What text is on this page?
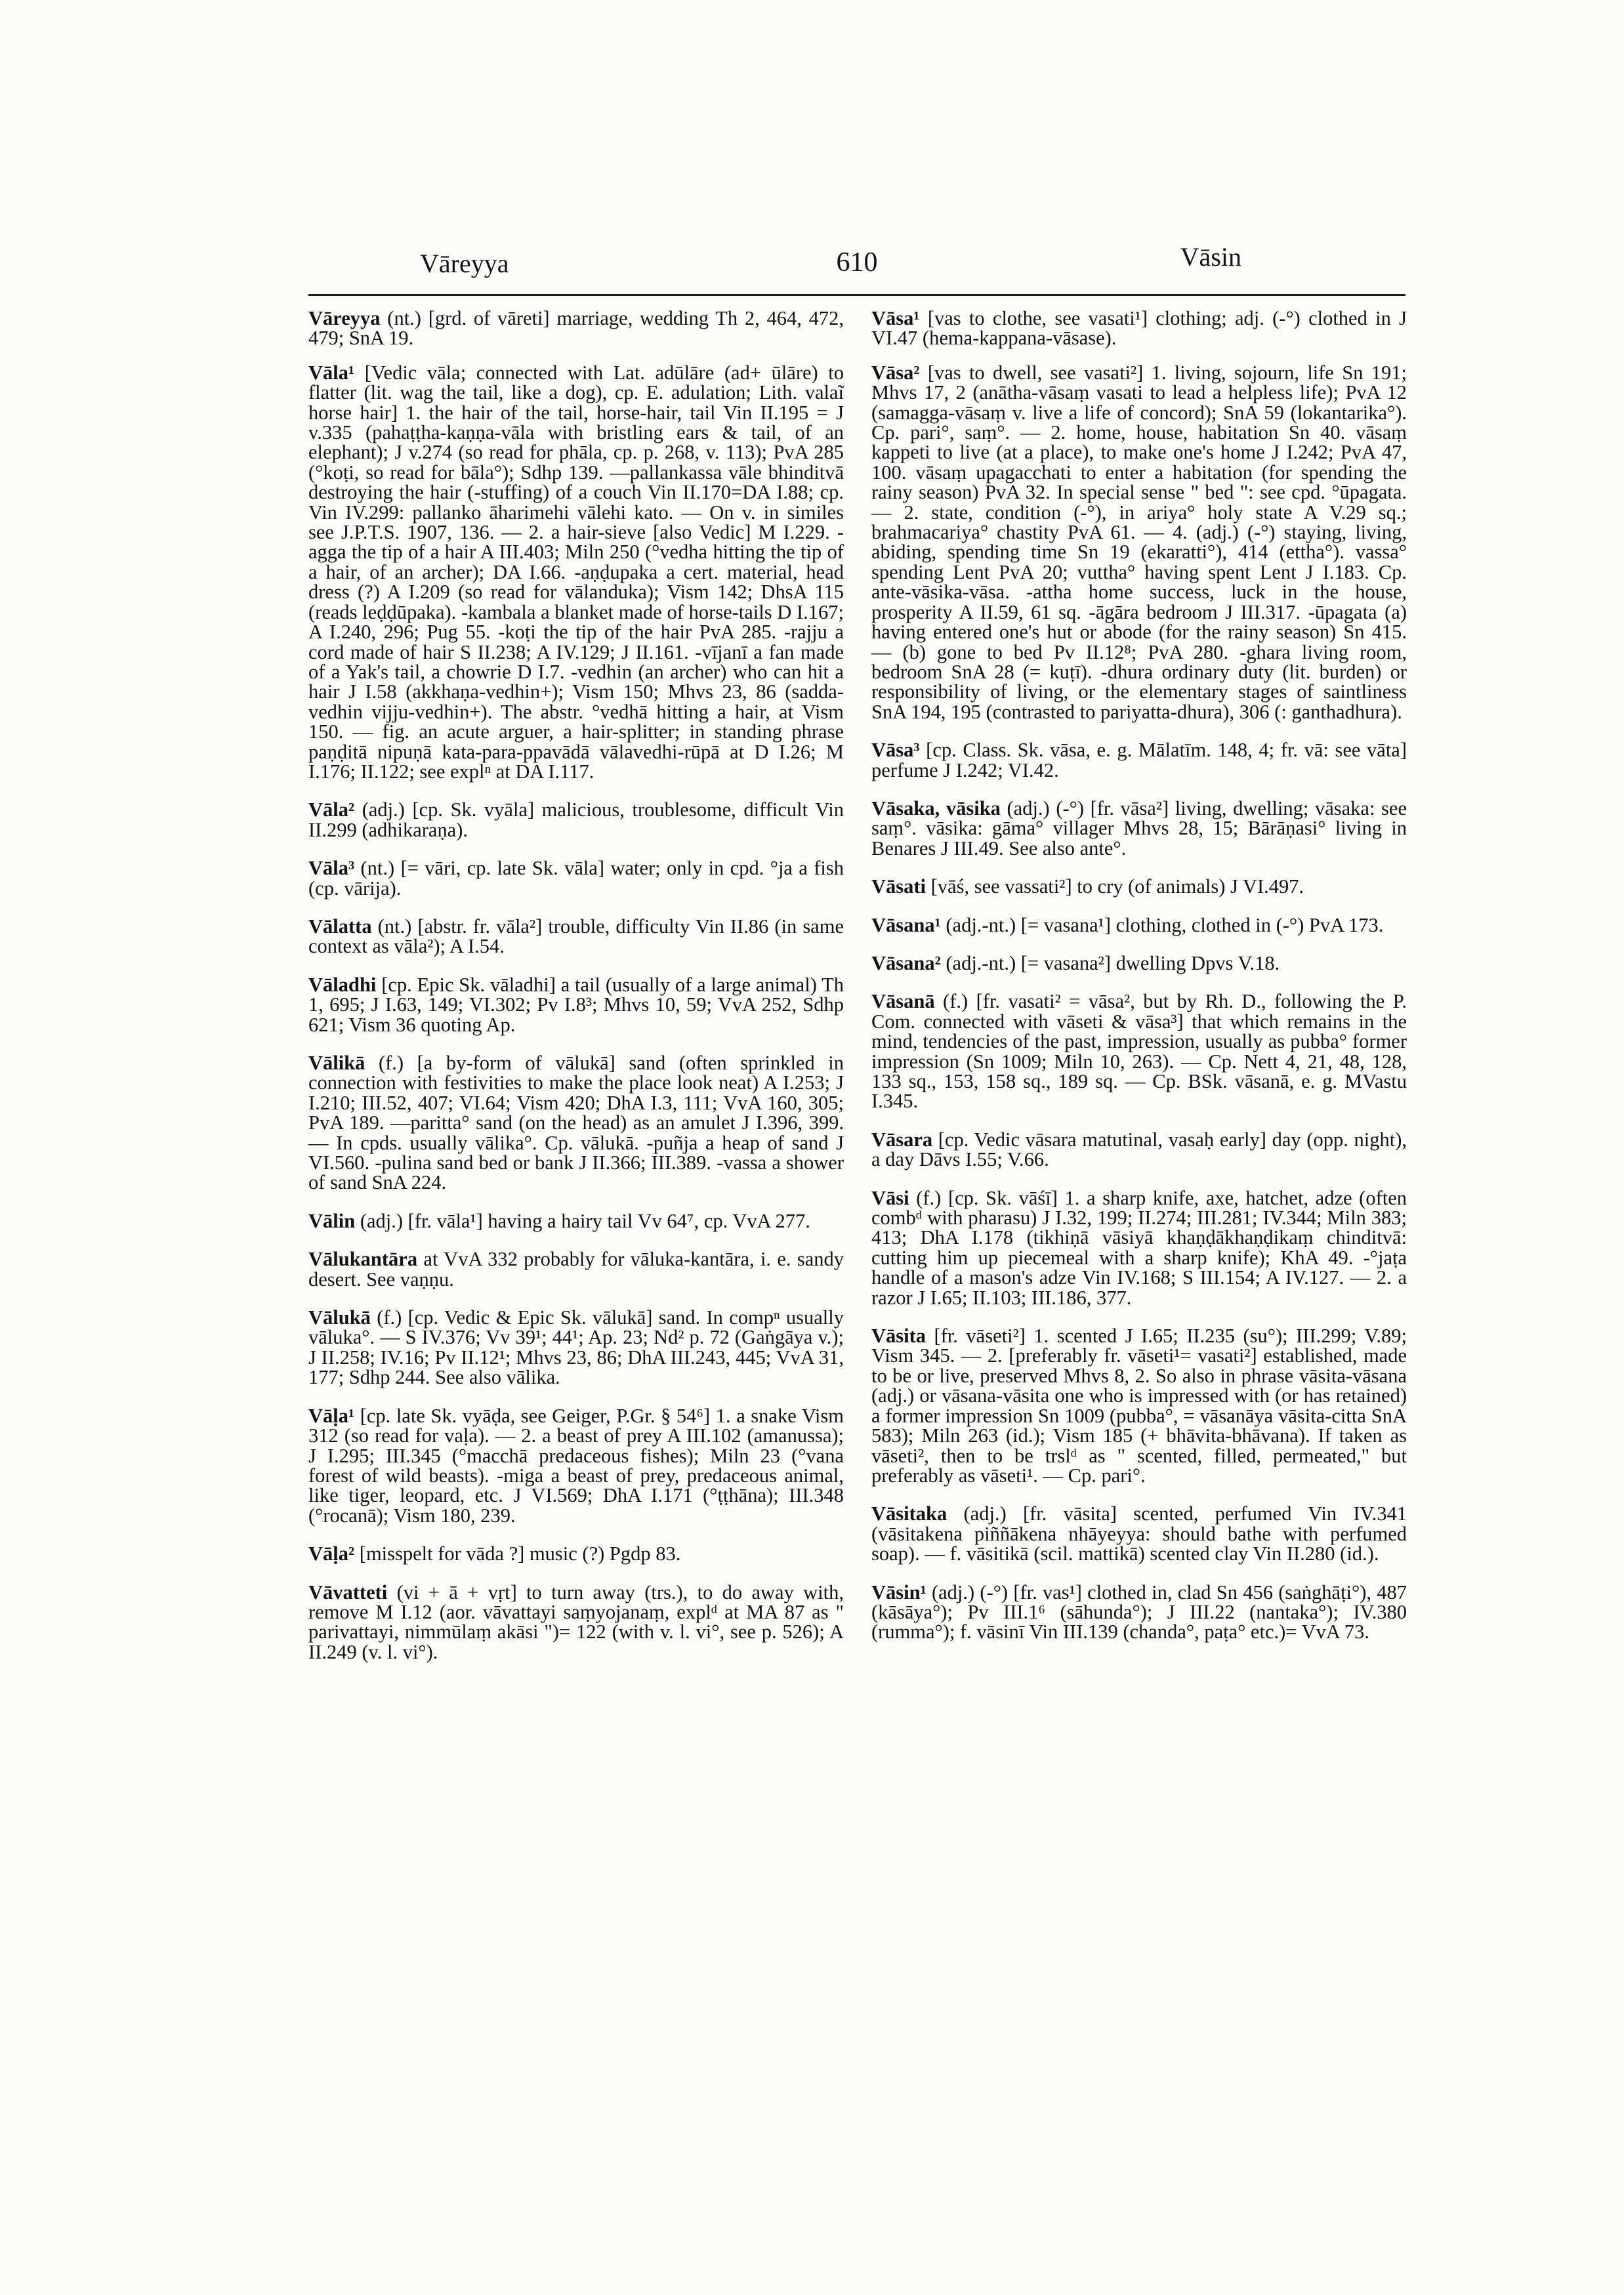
Vāreyya	610	Vāsin

Vāreyya (nt.) [grd. of vāreti] marriage, wedding Th 2, 464, 472, 479; SnA 19.

Vāla¹ [Vedic vāla; connected with Lat. adūlāre (ad+ ūlāre) to flatter (lit. wag the tail, like a dog), cp. E. adulation; Lith. valaĩ horse hair] 1. the hair of the tail, horse-hair, tail Vin II.195 = J v.335 (pahaṭṭha-kaṇṇa-vāla with bristling ears & tail, of an elephant); J v.274 (so read for phāla, cp. p. 268, v. 113); PvA 285 (°koṭi, so read for bāla°); Sdhp 139. —pallankassa vāle bhinditvā destroying the hair (-stuffing) of a couch Vin II.170=DA I.88; cp. Vin IV.299: pallanko āharimehi vālehi kato. — On v. in similes see J.P.T.S. 1907, 136. — 2. a hair-sieve [also Vedic] M I.229. -agga the tip of a hair A III.403; Miln 250 (°vedha hitting the tip of a hair, of an archer); DA I.66. -aṇḍupaka a cert. material, head dress (?) A I.209 (so read for vālanduka); Vism 142; DhsA 115 (reads leḍḍūpaka). -kambala a blanket made of horse-tails D I.167; A I.240, 296; Pug 55. -koṭi the tip of the hair PvA 285. -rajju a cord made of hair S II.238; A IV.129; J II.161. -vījanī a fan made of a Yak's tail, a chowrie D I.7. -vedhin (an archer) who can hit a hair J I.58 (akkhaṇa-vedhin+); Vism 150; Mhvs 23, 86 (sadda-vedhin vijju-vedhin+). The abstr. °vedhā hitting a hair, at Vism 150. — fig. an acute arguer, a hair-splitter; in standing phrase paṇḍitā nipuṇā kata-para-ppavādā vālavedhi-rūpā at D I.26; M I.176; II.122; see explⁿ at DA I.117.

Vāla² (adj.) [cp. Sk. vyāla] malicious, troublesome, difficult Vin II.299 (adhikaraṇa).

Vāla³ (nt.) [= vāri, cp. late Sk. vāla] water; only in cpd. °ja a fish (cp. vārija).

Vālatta (nt.) [abstr. fr. vāla²] trouble, difficulty Vin II.86 (in same context as vāla²); A I.54.

Vāladhi [cp. Epic Sk. vāladhi] a tail (usually of a large animal) Th 1, 695; J I.63, 149; VI.302; Pv I.8³; Mhvs 10, 59; VvA 252, Sdhp 621; Vism 36 quoting Ap.

Vālikā (f.) [a by-form of vālukā] sand (often sprinkled in connection with festivities to make the place look neat) A I.253; J I.210; III.52, 407; VI.64; Vism 420; DhA I.3, 111; VvA 160, 305; PvA 189. —paritta° sand (on the head) as an amulet J I.396, 399. — In cpds. usually vālika°. Cp. vālukā. -puñja a heap of sand J VI.560. -pulina sand bed or bank J II.366; III.389. -vassa a shower of sand SnA 224.

Vālin (adj.) [fr. vāla¹] having a hairy tail Vv 64⁷, cp. VvA 277.

Vālukantāra at VvA 332 probably for vāluka-kantāra, i. e. sandy desert. See vaṇṇu.

Vālukā (f.) [cp. Vedic & Epic Sk. vālukā] sand. In compⁿ usually vāluka°. — S IV.376; Vv 39¹; 44¹; Ap. 23; Nd² p. 72 (Gaṅgāya v.); J II.258; IV.16; Pv II.12¹; Mhvs 23, 86; DhA III.243, 445; VvA 31, 177; Sdhp 244. See also vālika.

Vāḷa¹ [cp. late Sk. vyāḍa, see Geiger, P.Gr. § 54⁶] 1. a snake Vism 312 (so read for vaḷa). — 2. a beast of prey A III.102 (amanussa); J I.295; III.345 (°macchā predaceous fishes); Miln 23 (°vana forest of wild beasts). -miga a beast of prey, predaceous animal, like tiger, leopard, etc. J VI.569; DhA I.171 (°ṭṭhāna); III.348 (°rocanā); Vism 180, 239.

Vāḷa² [misspelt for vāda ?] music (?) Pgdp 83.

Vāvatteti (vi + ā + vṛt] to turn away (trs.), to do away with, remove M I.12 (aor. vāvattayi saṃyojanaṃ, explᵈ at MA 87 as " parivattayi, nimmūlaṃ akāsi ")= 122 (with v. l. vi°, see p. 526); A II.249 (v. l. vi°).

Vāsa¹ [vas to clothe, see vasati¹] clothing; adj. (-°) clothed in J VI.47 (hema-kappana-vāsase).

Vāsa² [vas to dwell, see vasati²] 1. living, sojourn, life Sn 191; Mhvs 17, 2 (anātha-vāsaṃ vasati to lead a helpless life); PvA 12 (samagga-vāsaṃ v. live a life of concord); SnA 59 (lokantarika°). Cp. pari°, saṃ°. — 2. home, house, habitation Sn 40. vāsaṃ kappeti to live (at a place), to make one's home J I.242; PvA 47, 100. vāsaṃ upagacchati to enter a habitation (for spending the rainy season) PvA 32. In special sense " bed ": see cpd. °ūpagata. — 2. state, condition (-°), in ariya° holy state A V.29 sq.; brahmacariya° chastity PvA 61. — 4. (adj.) (-°) staying, living, abiding, spending time Sn 19 (ekaratti°), 414 (ettha°). vassa° spending Lent PvA 20; vuttha° having spent Lent J I.183. Cp. ante-vāsika-vāsa. -attha home success, luck in the house, prosperity A II.59, 61 sq. -āgāra bedroom J III.317. -ūpagata (a) having entered one's hut or abode (for the rainy season) Sn 415. — (b) gone to bed Pv II.12⁸; PvA 280. -ghara living room, bedroom SnA 28 (= kuṭī). -dhura ordinary duty (lit. burden) or responsibility of living, or the elementary stages of saintliness SnA 194, 195 (contrasted to pariyatta-dhura), 306 (: ganthadhura).

Vāsa³ [cp. Class. Sk. vāsa, e. g. Mālatīm. 148, 4; fr. vā: see vāta] perfume J I.242; VI.42.

Vāsaka, vāsika (adj.) (-°) [fr. vāsa²] living, dwelling; vāsaka: see saṃ°. vāsika: gāma° villager Mhvs 28, 15; Bārāṇasi° living in Benares J III.49. See also ante°.

Vāsati [vāś, see vassati²] to cry (of animals) J VI.497.

Vāsana¹ (adj.-nt.) [= vasana¹] clothing, clothed in (-°) PvA 173.

Vāsana² (adj.-nt.) [= vasana²] dwelling Dpvs V.18.

Vāsanā (f.) [fr. vasati² = vāsa², but by Rh. D., following the P. Com. connected with vāseti & vāsa³] that which remains in the mind, tendencies of the past, impression, usually as pubba° former impression (Sn 1009; Miln 10, 263). — Cp. Nett 4, 21, 48, 128, 133 sq., 153, 158 sq., 189 sq. — Cp. BSk. vāsanā, e. g. MVastu I.345.

Vāsara [cp. Vedic vāsara matutinal, vasaḥ early] day (opp. night), a day Dāvs I.55; V.66.

Vāsi (f.) [cp. Sk. vāśī] 1. a sharp knife, axe, hatchet, adze (often combᵈ with pharasu) J I.32, 199; II.274; III.281; IV.344; Miln 383; 413; DhA I.178 (tikhiṇā vāsiyā khaṇḍākhaṇḍikaṃ chinditvā: cutting him up piecemeal with a sharp knife); KhA 49. -°jaṭa handle of a mason's adze Vin IV.168; S III.154; A IV.127. — 2. a razor J I.65; II.103; III.186, 377.

Vāsita [fr. vāseti²] 1. scented J I.65; II.235 (su°); III.299; V.89; Vism 345. — 2. [preferably fr. vāseti¹= vasati²] established, made to be or live, preserved Mhvs 8, 2. So also in phrase vāsita-vāsana (adj.) or vāsana-vāsita one who is impressed with (or has retained) a former impression Sn 1009 (pubba°, = vāsanāya vāsita-citta SnA 583); Miln 263 (id.); Vism 185 (+ bhāvita-bhāvana). If taken as vāseti², then to be trslᵈ as " scented, filled, permeated," but preferably as vāseti¹. — Cp. pari°.

Vāsitaka (adj.) [fr. vāsita] scented, perfumed Vin IV.341 (vāsitakena piññākena nhāyeyya: should bathe with perfumed soap). — f. vāsitikā (scil. mattikā) scented clay Vin II.280 (id.).

Vāsin¹ (adj.) (-°) [fr. vas¹] clothed in, clad Sn 456 (saṅghāṭi°), 487 (kāsāya°); Pv III.1⁶ (sāhunda°); J III.22 (nantaka°); IV.380 (rumma°); f. vāsinī Vin III.139 (chanda°, paṭa° etc.)= VvA 73.
